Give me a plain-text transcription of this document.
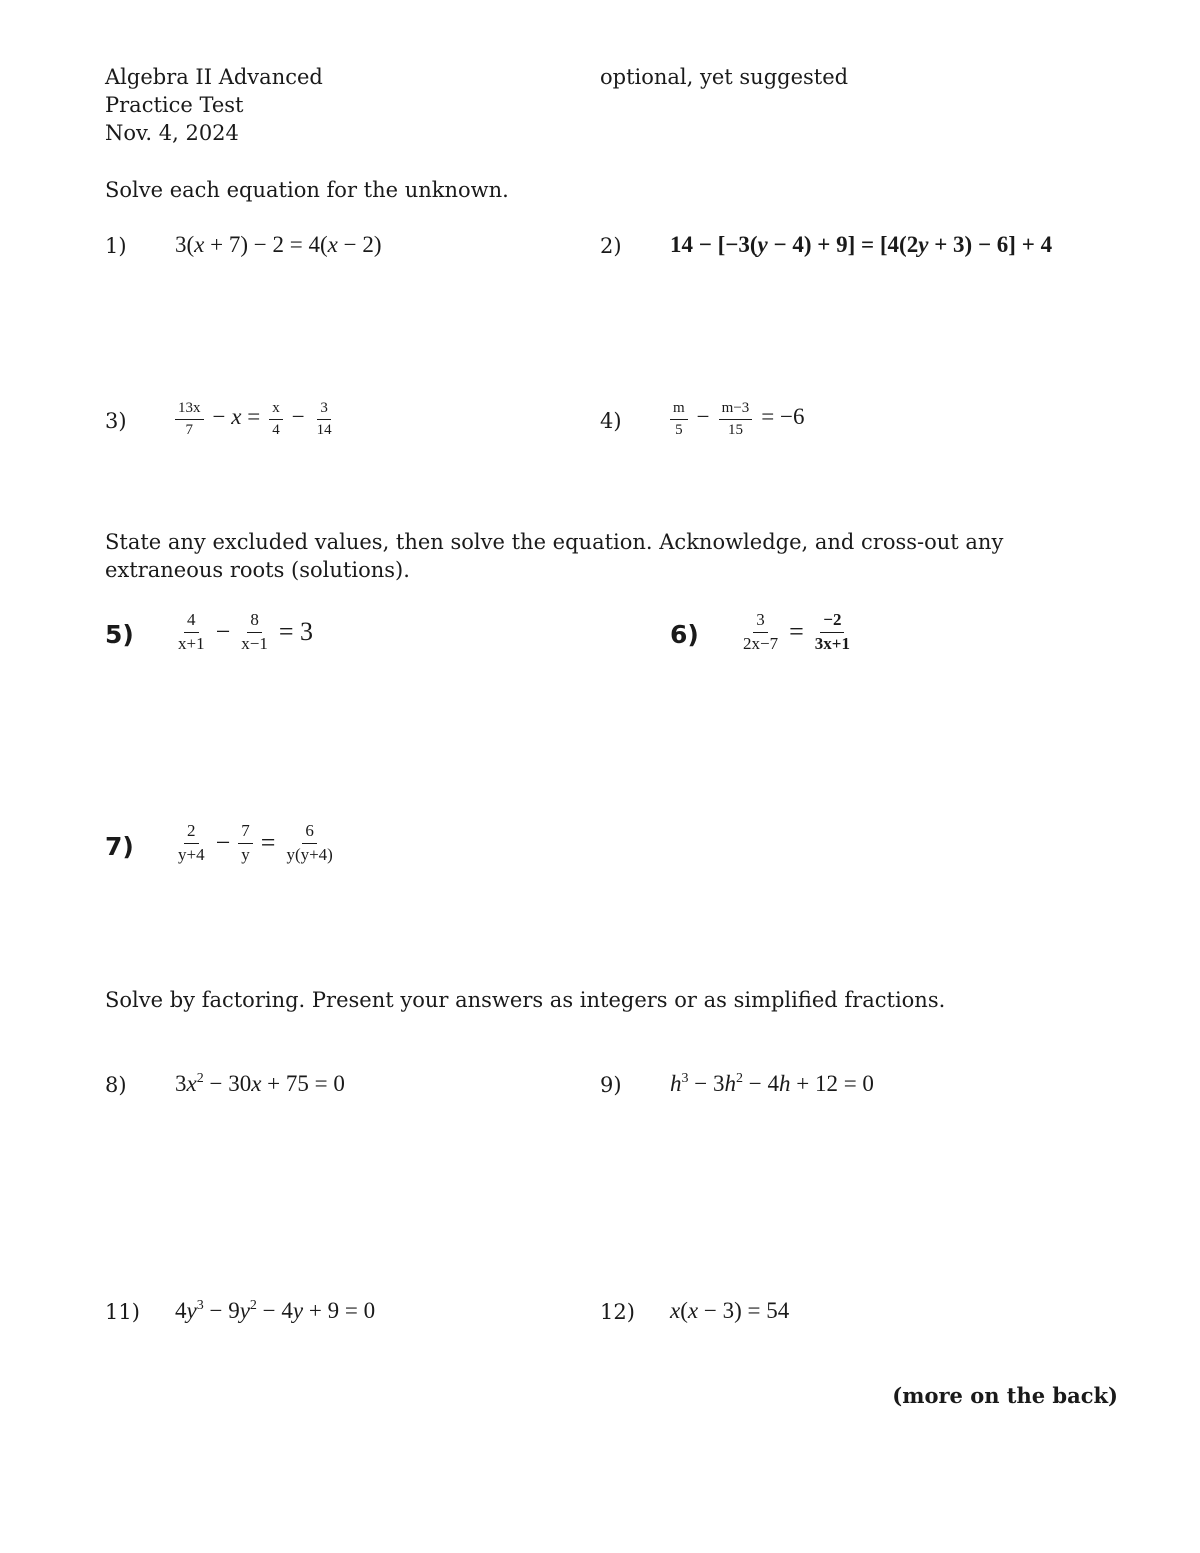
Algebra II Advanced
Practice Test
Nov. 4, 2024
optional, yet suggested
Solve each equation for the unknown.
1) 3(x + 7) − 2 = 4(x − 2)	2) 14 − [−3(y − 4) + 9] = [4(2y + 3) − 6] + 4
3)	$\frac{13x}{7} - x = \frac{x}{4} - \frac{3}{14}$	4)	$\frac{m}{5} - \frac{m-3}{15} = -6$
State any excluded values, then solve the equation. Acknowledge, and cross-out any
extraneous roots (solutions).
$5) \frac{4}{x+1} - \frac{8}{x-1} = 3$	$6) \frac{3}{2x-7} = \frac{-2}{3x+1}$
$7) \frac{2}{y+4} - \frac{7}{y} = \frac{6}{y(y+4)}$
Solve by factoring. Present your answers as integers or as simplified fractions.
8) $3x^2 - 30x + 75 = 0$	9) $h^3 - 3h^2 - 4h + 12 = 0$
11) $4y^3 - 9y^2 - 4y + 9 = 0$	12) x(x − 3) = 54
(more on the back)
